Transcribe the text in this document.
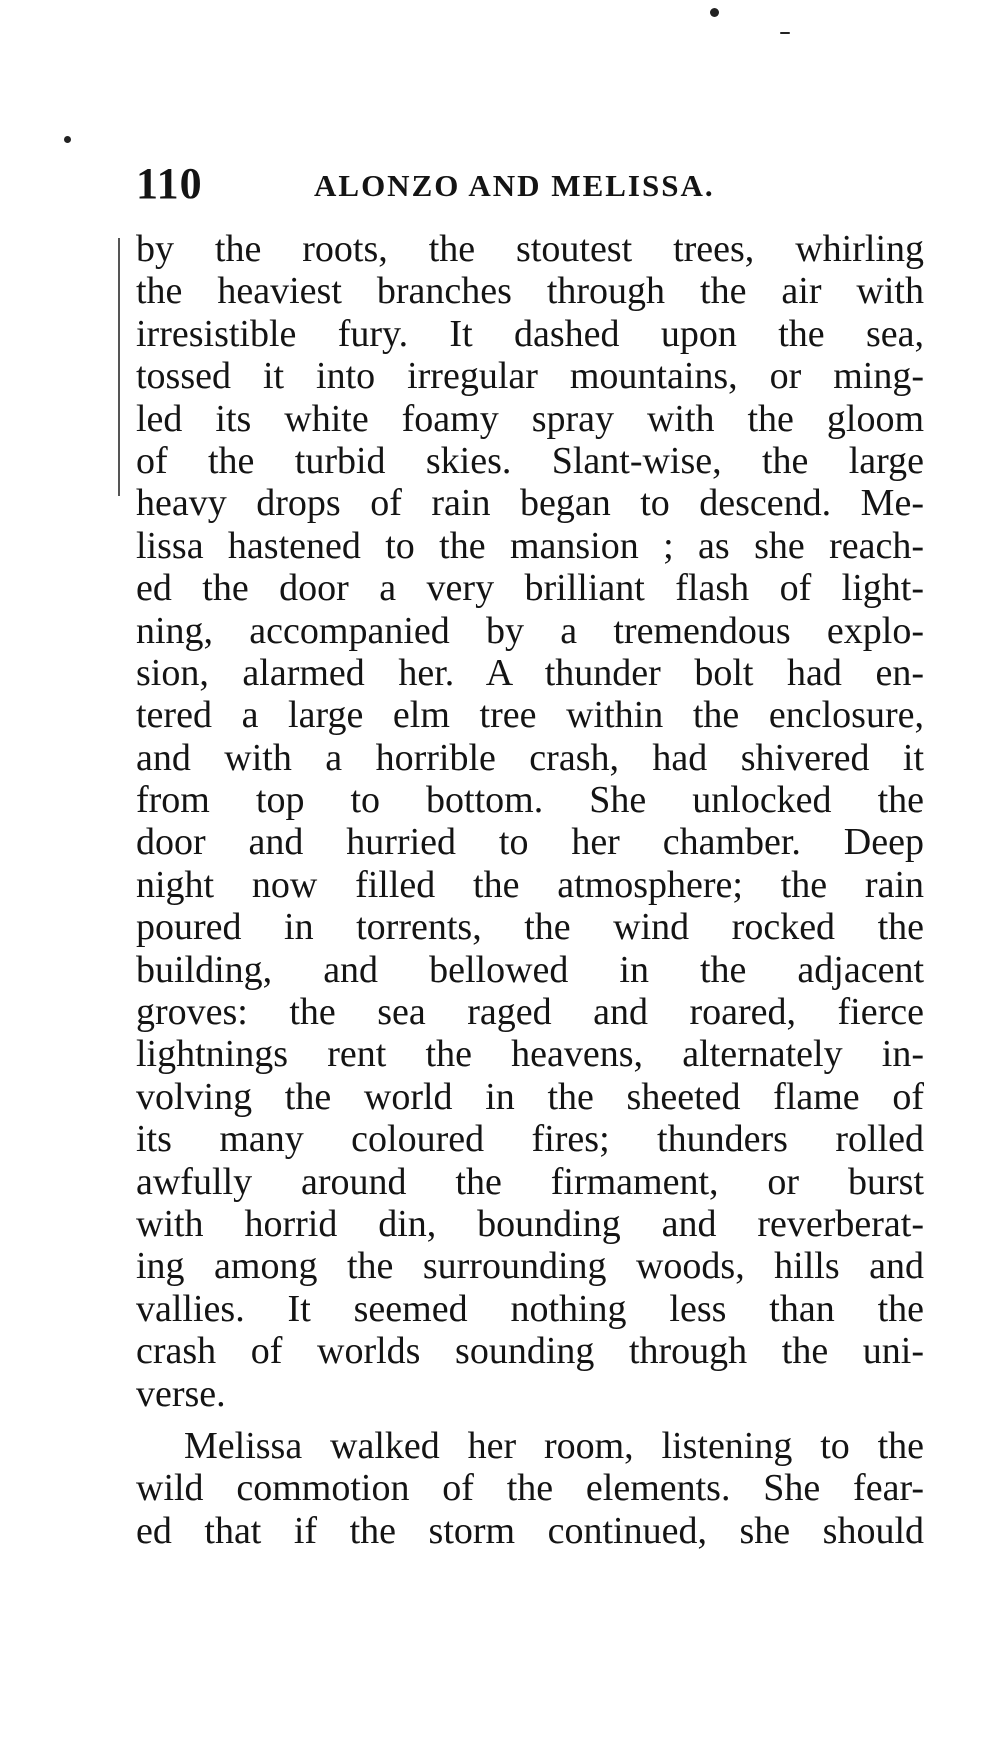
110	ALONZO AND MELISSA.
by the roots, the stoutest trees, whirling
the heaviest branches through the air with
irresistible fury. It dashed upon the sea,
tossed it into irregular mountains, or ming-
led its white foamy spray with the gloom
of the turbid skies. Slant-wise, the large
heavy drops of rain began to descend. Me-
lissa hastened to the mansion ; as she reach-
ed the door a very brilliant flash of light-
ning, accompanied by a tremendous explo-
sion, alarmed her. A thunder bolt had en-
tered a large elm tree within the enclosure,
and with a horrible crash, had shivered it
from top to bottom. She unlocked the
door and hurried to her chamber. Deep
night now filled the atmosphere; the rain
poured in torrents, the wind rocked the
building, and bellowed in the adjacent
groves: the sea raged and roared, fierce
lightnings rent the heavens, alternately in-
volving the world in the sheeted flame of
its many coloured fires; thunders rolled
awfully around the firmament, or burst
with horrid din, bounding and reverberat-
ing among the surrounding woods, hills and
vallies. It seemed nothing less than the
crash of worlds sounding through the uni-
verse.
Melissa walked her room, listening to the
wild commotion of the elements. She fear-
ed that if the storm continued, she should
